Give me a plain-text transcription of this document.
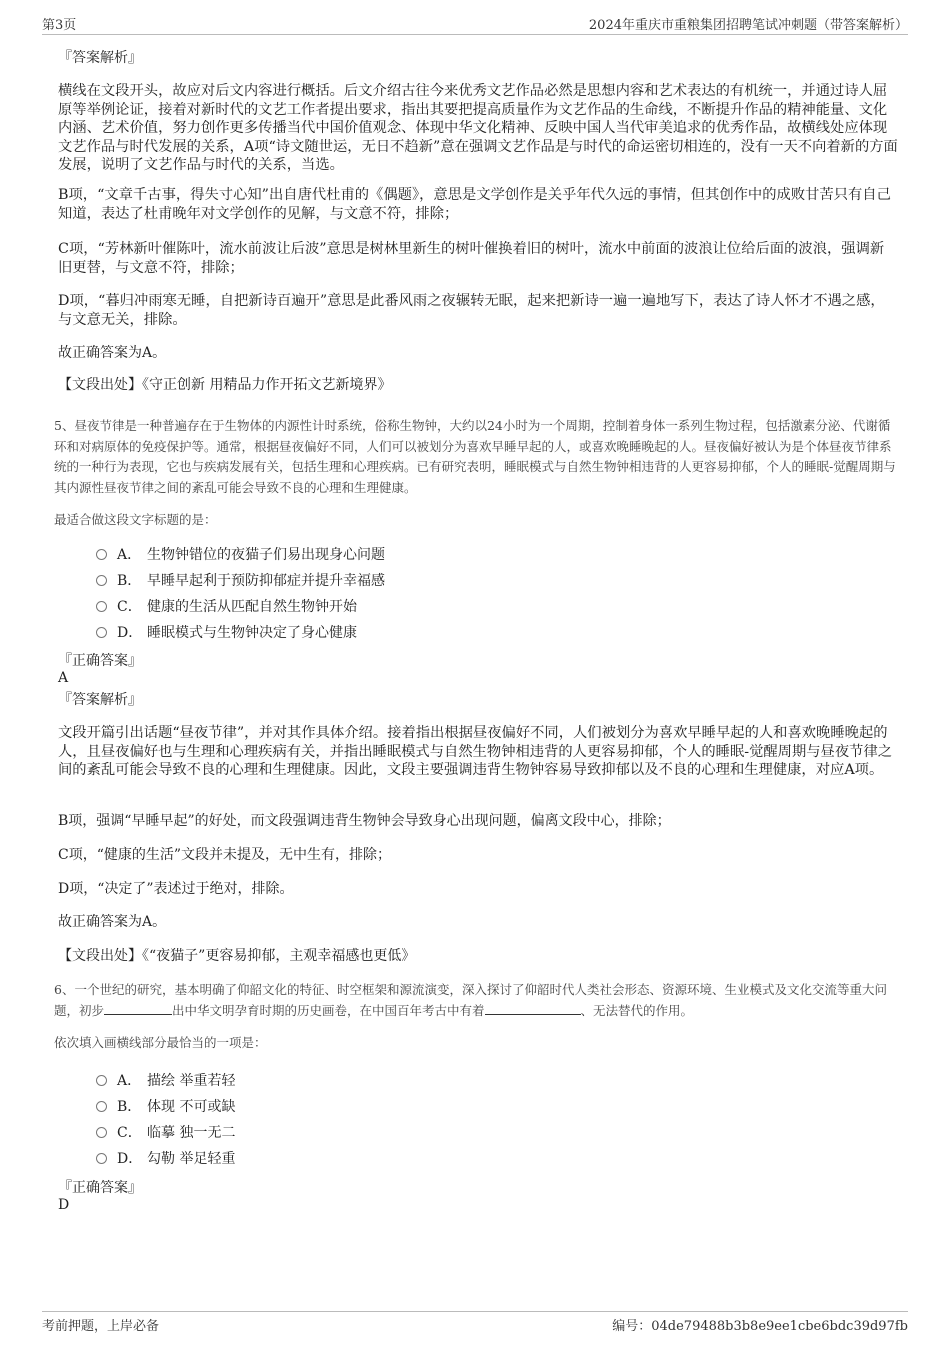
第3页	2024年重庆市重粮集团招聘笔试冲刺题（带答案解析）
『答案解析』
横线在文段开头，故应对后文内容进行概括。后文介绍古往今来优秀文艺作品必然是思想内容和艺术表达的有机统一，并通过诗人屈原等举例论证，接着对新时代的文艺工作者提出要求，指出其要把提高质量作为文艺作品的生命线，不断提升作品的精神能量、文化内涵、艺术价值，努力创作更多传播当代中国价值观念、体现中华文化精神、反映中国人当代审美追求的优秀作品，故横线处应体现文艺作品与时代发展的关系，A项“诗文随世运，无日不趋新”意在强调文艺作品是与时代的命运密切相连的，没有一天不向着新的方面发展，说明了文艺作品与时代的关系，当选。
B项，“文章千古事，得失寸心知”出自唐代杜甫的《偶题》，意思是文学创作是关乎年代久远的事情，但其创作中的成败甘苦只有自己知道，表达了杜甫晚年对文学创作的见解，与文意不符，排除；
C项，“芳林新叶催陈叶，流水前波让后波”意思是树林里新生的树叶催换着旧的树叶，流水中前面的波浪让位给后面的波浪，强调新旧更替，与文意不符，排除；
D项，“暮归冲雨寒无睡，自把新诗百遍开”意思是此番风雨之夜辗转无眠，起来把新诗一遍一遍地写下，表达了诗人怀才不遇之感，与文意无关，排除。
故正确答案为A。
【文段出处】《守正创新 用精品力作开拓文艺新境界》
5、昼夜节律是一种普遍存在于生物体的内源性计时系统，俗称生物钟，大约以24小时为一个周期，控制着身体一系列生物过程，包括激素分泌、代谢循环和对病原体的免疫保护等。通常，根据昼夜偏好不同，人们可以被划分为喜欢早睡早起的人，或喜欢晚睡晚起的人。昼夜偏好被认为是个体昼夜节律系统的一种行为表现，它也与疾病发展有关，包括生理和心理疾病。已有研究表明，睡眠模式与自然生物钟相违背的人更容易抑郁，个人的睡眠-觉醒周期与其内源性昼夜节律之间的紊乱可能会导致不良的心理和生理健康。
最适合做这段文字标题的是：
A． 生物钟错位的夜猫子们易出现身心问题
B． 早睡早起利于预防抑郁症并提升幸福感
C． 健康的生活从匹配自然生物钟开始
D． 睡眠模式与生物钟决定了身心健康
『正确答案』
A
『答案解析』
文段开篇引出话题“昼夜节律”，并对其作具体介绍。接着指出根据昼夜偏好不同，人们被划分为喜欢早睡早起的人和喜欢晚睡晚起的人，且昼夜偏好也与生理和心理疾病有关，并指出睡眠模式与自然生物钟相违背的人更容易抑郁，个人的睡眠-觉醒周期与昼夜节律之间的紊乱可能会导致不良的心理和生理健康。因此，文段主要强调违背生物钟容易导致抑郁以及不良的心理和生理健康，对应A项。
B项，强调“早睡早起”的好处，而文段强调违背生物钟会导致身心出现问题，偏离文段中心，排除；
C项，“健康的生活”文段并未提及，无中生有，排除；
D项，“决定了”表述过于绝对，排除。
故正确答案为A。
【文段出处】《“夜猫子”更容易抑郁，主观幸福感也更低》
6、一个世纪的研究，基本明确了仰韶文化的特征、时空框架和源流演变，深入探讨了仰韶时代人类社会形态、资源环境、生业模式及文化交流等重大问题，初步	出中华文明孕育时期的历史画卷，在中国百年考古中有着	、无法替代的作用。
依次填入画横线部分最恰当的一项是：
A． 描绘 举重若轻
B． 体现 不可或缺
C． 临摹 独一无二
D． 勾勒 举足轻重
『正确答案』
D
考前押题，上岸必备	编号：04de79488b3b8e9ee1cbe6bdc39d97fb
